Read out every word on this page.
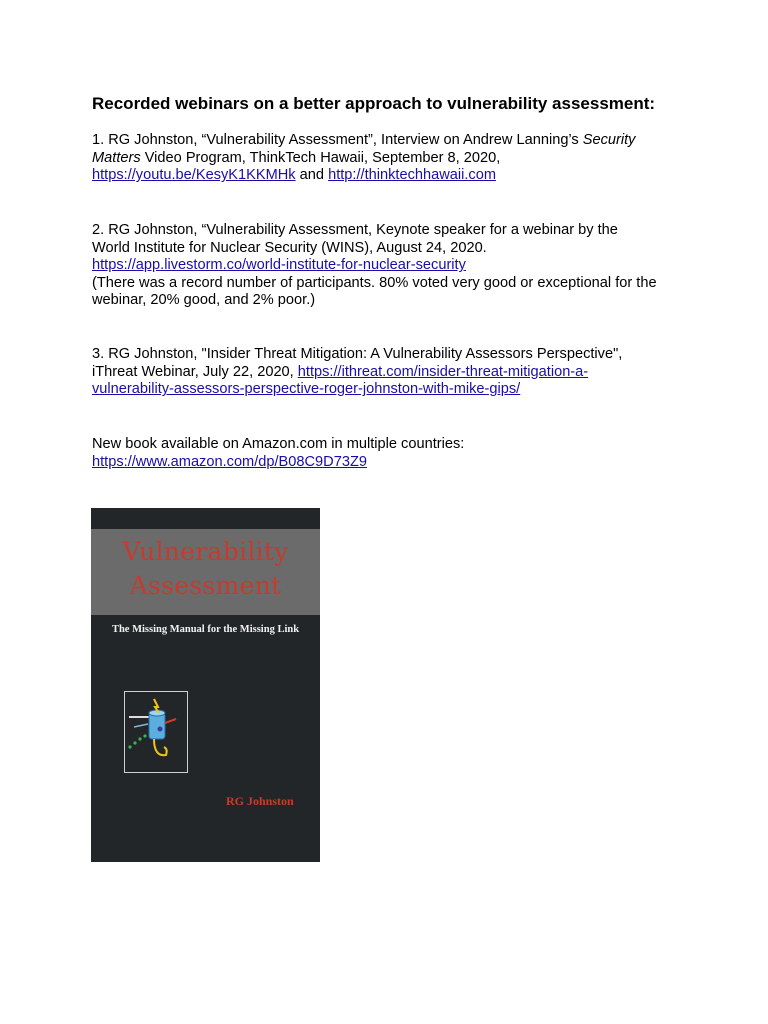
Recorded webinars on a better approach to vulnerability assessment:

1. RG Johnston, “Vulnerability Assessment”, Interview on Andrew Lanning’s Security

Matters Video Program, ThinkTech Hawaii, September 8, 2020,

https://youtu.be/KesyK1KKMHk and http://thinktechhawaii.com

2. RG Johnston, “Vulnerability Assessment, Keynote speaker for a webinar by the

World Institute for Nuclear Security (WINS), August 24, 2020.

https://app.livestorm.co/world-institute-for-nuclear-security

(There was a record number of participants. 80% voted very good or exceptional for the

webinar, 20% good, and 2% poor.)

3. RG Johnston, "Insider Threat Mitigation: A Vulnerability Assessors Perspective",

iThreat Webinar, July 22, 2020, https://ithreat.com/insider-threat-mitigation-a-

vulnerability-assessors-perspective-roger-johnston-with-mike-gips/

New book available on Amazon.com in multiple countries:

https://www.amazon.com/dp/B08C9D73Z9

Vulnerability
Assessment
The Missing Manual for the Missing Link
RG Johnston
